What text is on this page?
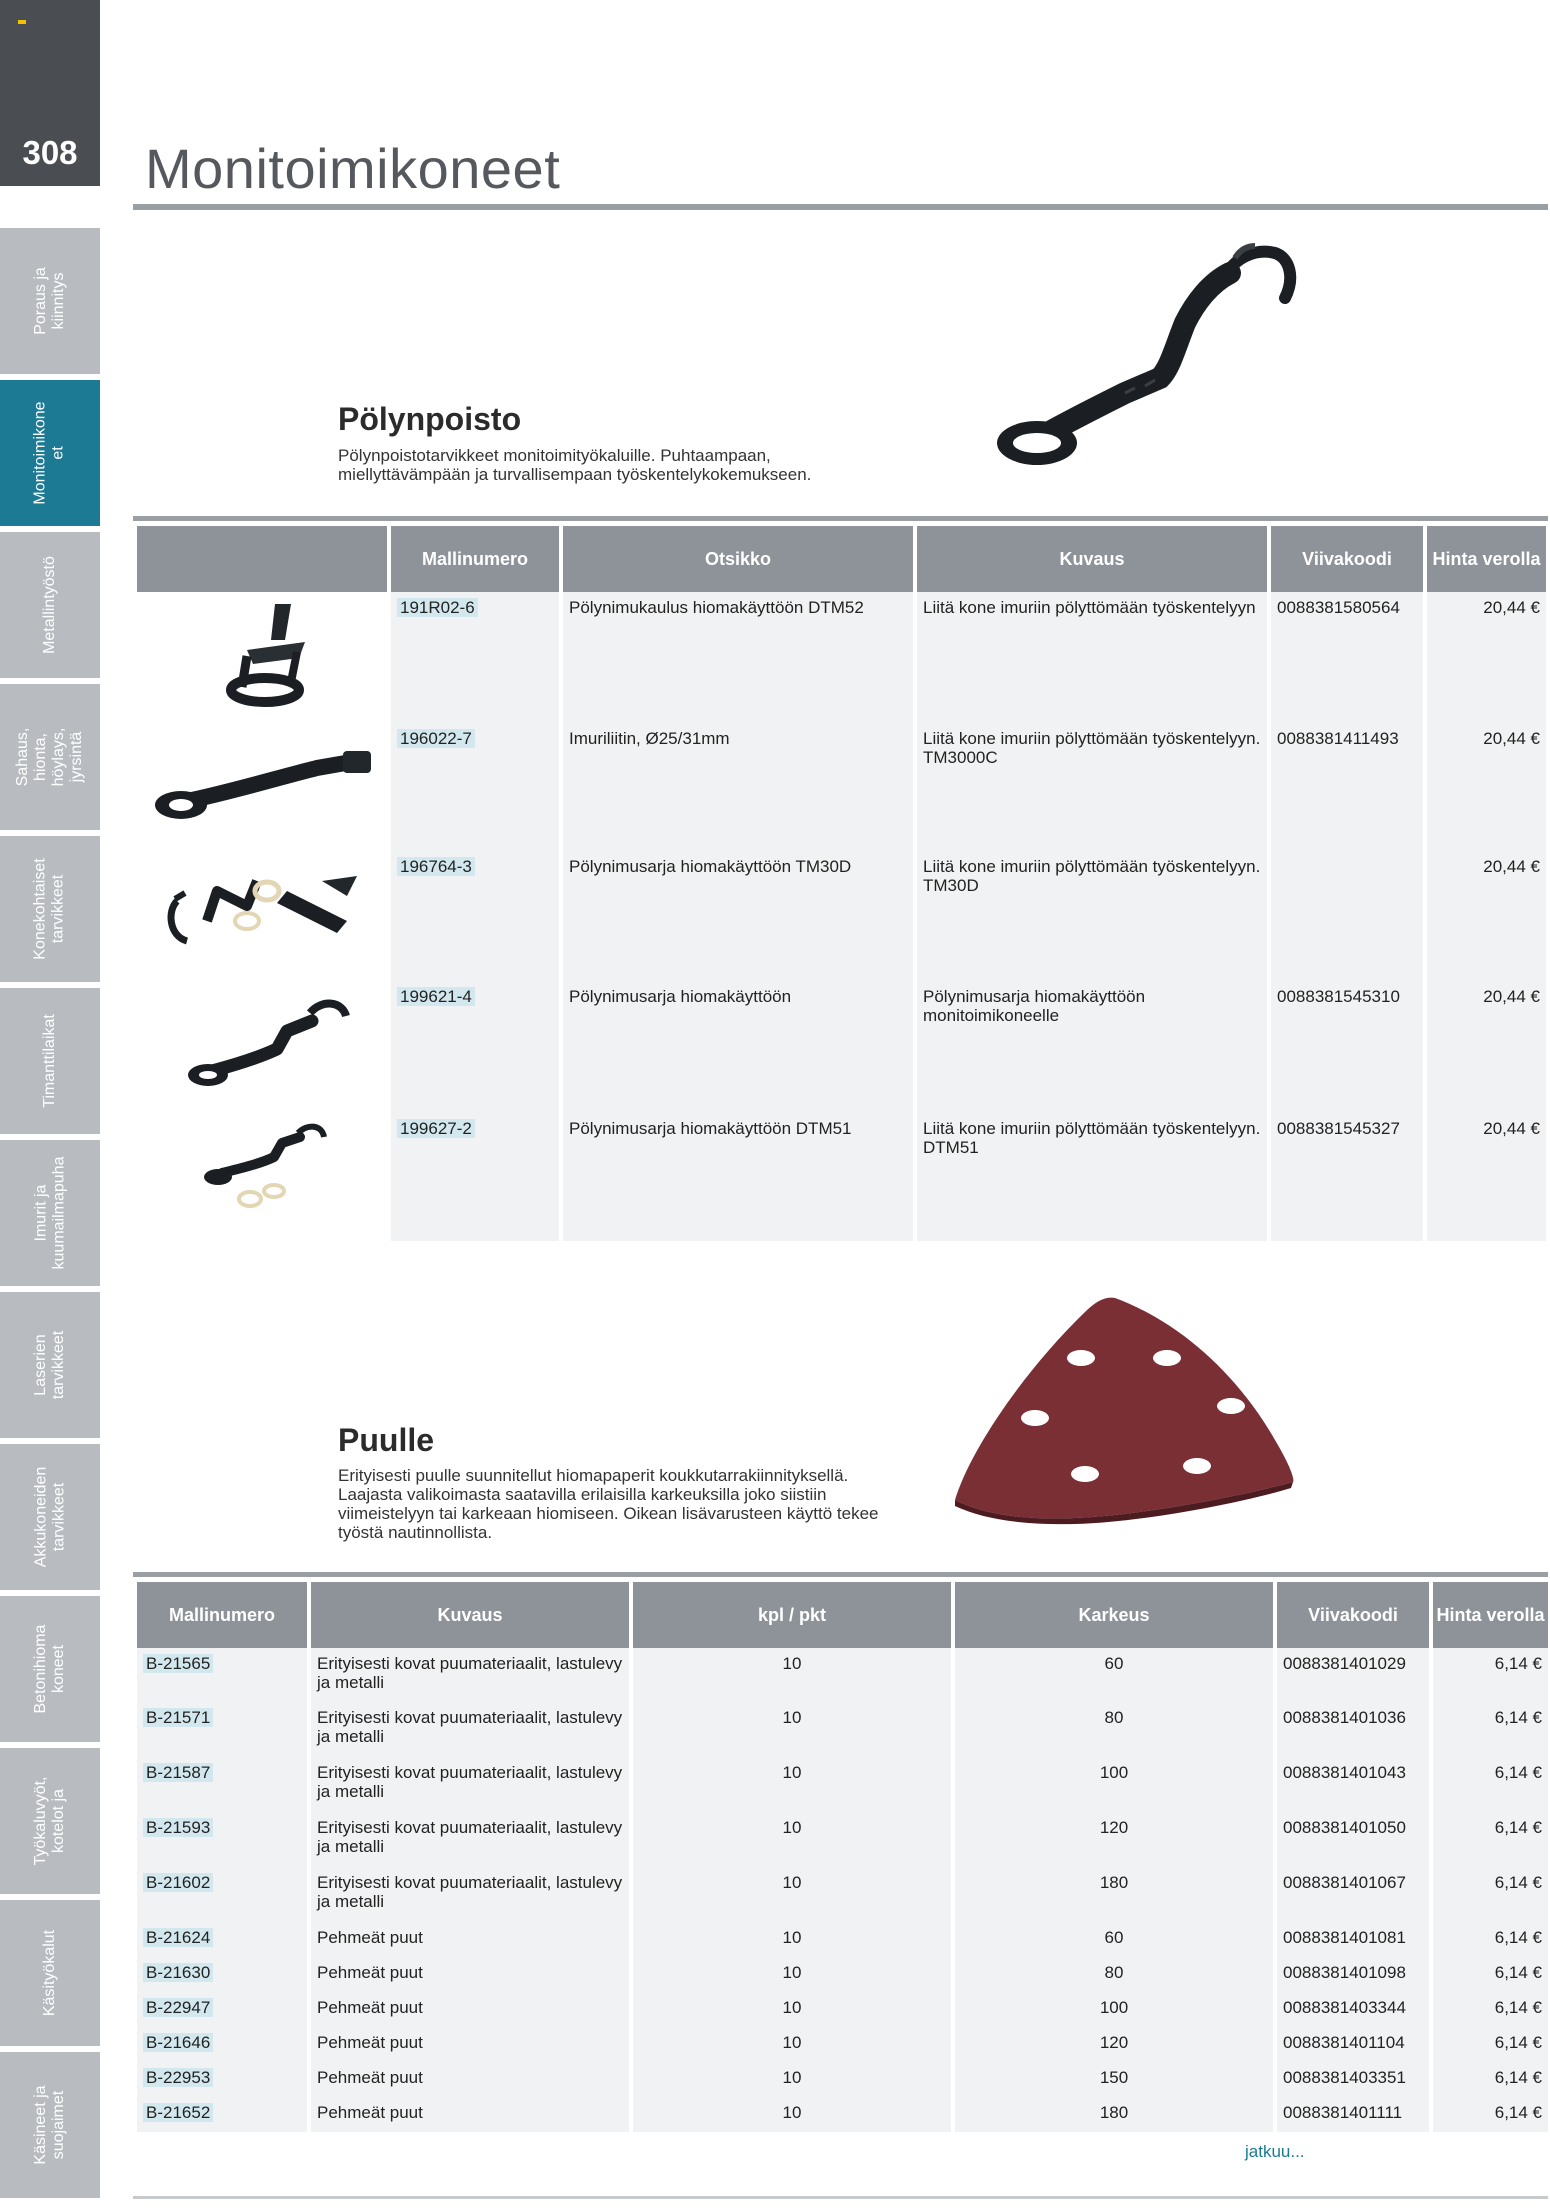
308
Poraus ja kiinnitys
Monitoimikone et
Metallintyöstö
Sahaus, hionta, höylays, jyrsintä
Konekohtaiset tarvikkeet
Timanttilaikat
Imurit ja kuumailmapuha
Laserien tarvikkeet
Akkukoneiden tarvikkeet
Betonihioma koneet
Työkaluvyöt, kotelot ja
Käsityökalut
Käsineet ja suojaimet
Monitoimikoneet
Pölynpoisto
Pölynpoistotarvikkeet monitoimityökaluille. Puhtaampaan,
miellyttävämpään ja turvallisempaan työskentelykokemukseen.
	Mallinumero	Otsikko	Kuvaus	Viivakoodi	Hinta verolla

	191R02-6	Pölynimukaulus hiomakäyttöön DTM52	Liitä kone imuriin pölyttömään työskentelyyn	0088381580564	20,44 €

	196022-7	Imuriliitin, Ø25/31mm	Liitä kone imuriin pölyttömään työskentelyyn. TM3000C	0088381411493	20,44 €

	196764-3	Pölynimusarja hiomakäyttöön TM30D	Liitä kone imuriin pölyttömään työskentelyyn. TM30D		20,44 €

	199621-4	Pölynimusarja hiomakäyttöön	Pölynimusarja hiomakäyttöön monitoimikoneelle	0088381545310	20,44 €

	199627-2	Pölynimusarja hiomakäyttöön DTM51	Liitä kone imuriin pölyttömään työskentelyyn. DTM51	0088381545327	20,44 €
Puulle
Erityisesti puulle suunnitellut hiomapaperit koukkutarrakiinnityksellä.
Laajasta valikoimasta saatavilla erilaisilla karkeuksilla joko siistiin
viimeistelyyn tai karkeaan hiomiseen. Oikean lisävarusteen käyttö tekee
työstä nautinnollista.
Mallinumero	Kuvaus	kpl / pkt	Karkeus	Viivakoodi	Hinta verolla
B-21565	Erityisesti kovat puumateriaalit, lastulevy ja metalli	10	60	0088381401029	6,14 €
B-21571	Erityisesti kovat puumateriaalit, lastulevy ja metalli	10	80	0088381401036	6,14 €
B-21587	Erityisesti kovat puumateriaalit, lastulevy ja metalli	10	100	0088381401043	6,14 €
B-21593	Erityisesti kovat puumateriaalit, lastulevy ja metalli	10	120	0088381401050	6,14 €
B-21602	Erityisesti kovat puumateriaalit, lastulevy ja metalli	10	180	0088381401067	6,14 €
B-21624	Pehmeät puut	10	60	0088381401081	6,14 €
B-21630	Pehmeät puut	10	80	0088381401098	6,14 €
B-22947	Pehmeät puut	10	100	0088381403344	6,14 €
B-21646	Pehmeät puut	10	120	0088381401104	6,14 €
B-22953	Pehmeät puut	10	150	0088381403351	6,14 €
B-21652	Pehmeät puut	10	180	0088381401111	6,14 €
jatkuu...
